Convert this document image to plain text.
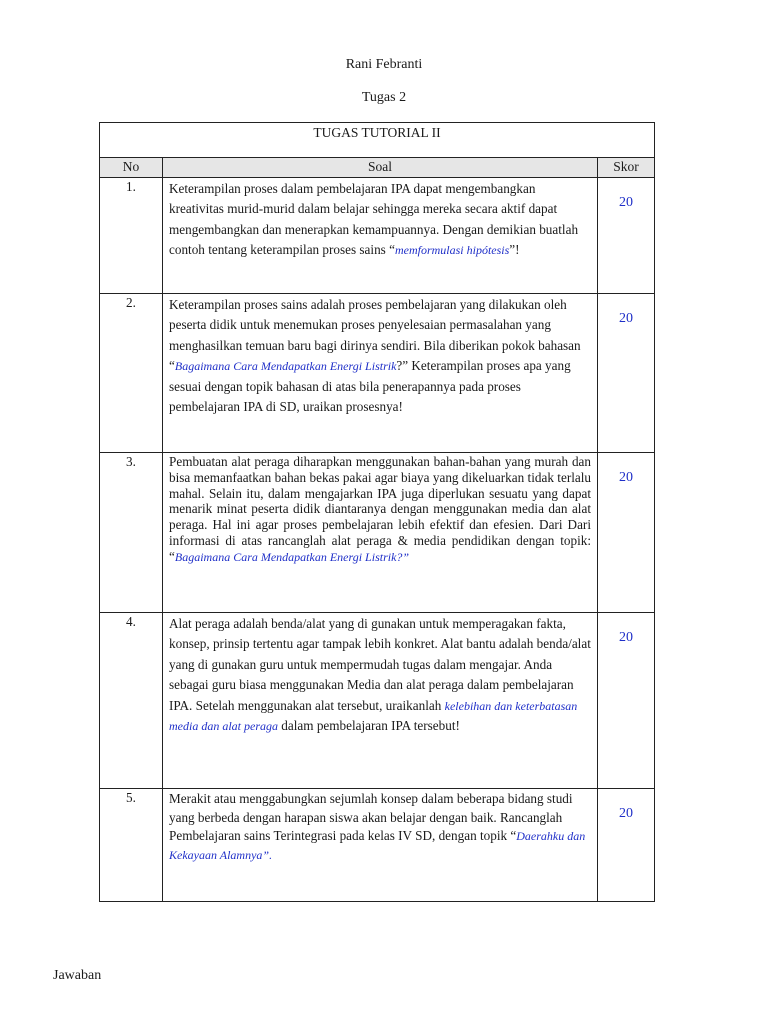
Rani Febranti
Tugas 2
TUGAS TUTORIAL II		
No	Soal	Skor
1.	Keterampilan proses dalam pembelajaran IPA dapat mengembangkan kreativitas murid-murid dalam belajar sehingga mereka secara aktif dapat mengembangkan dan menerapkan kemampuannya. Dengan demikian buatlah contoh tentang keterampilan proses sains “memformulasi hipótesis”!	20

2.	Keterampilan proses sains adalah proses pembelajaran yang dilakukan oleh peserta didik untuk menemukan proses penyelesaian permasalahan yang menghasilkan temuan baru bagi dirinya sendiri. Bila diberikan pokok bahasan “Bagaimana Cara Mendapatkan Energi Listrik?” Keterampilan proses apa yang sesuai dengan topik bahasan di atas bila penerapannya pada proses pembelajaran IPA di SD, uraikan prosesnya!	20

3.	Pembuatan alat peraga diharapkan menggunakan bahan-bahan yang murah dan bisa memanfaatkan bahan bekas pakai agar biaya yang dikeluarkan tidak terlalu mahal. Selain itu, dalam mengajarkan IPA juga diperlukan sesuatu yang dapat menarik minat peserta didik diantaranya dengan menggunakan media dan alat peraga. Hal ini agar proses pembelajaran lebih efektif dan efesien. Dari Dari informasi di atas rancanglah alat peraga & media pendidikan dengan topik: “Bagaimana Cara Mendapatkan Energi Listrik?”	20

4.	Alat peraga adalah benda/alat yang di gunakan untuk memperagakan fakta, konsep, prinsip tertentu agar tampak lebih konkret. Alat bantu adalah benda/alat yang di gunakan guru untuk mempermudah tugas dalam mengajar. Anda sebagai guru biasa menggunakan Media dan alat peraga dalam pembelajaran IPA. Setelah menggunakan alat tersebut, uraikanlah kelebihan dan keterbatasan media dan alat peraga dalam pembelajaran IPA tersebut!	20

5.	Merakit atau menggabungkan sejumlah konsep dalam beberapa bidang studi yang berbeda dengan harapan siswa akan belajar dengan baik. Rancanglah Pembelajaran sains Terintegrasi pada kelas IV SD, dengan topik “Daerahku dan Kekayaan Alamnya”.	20
Jawaban
